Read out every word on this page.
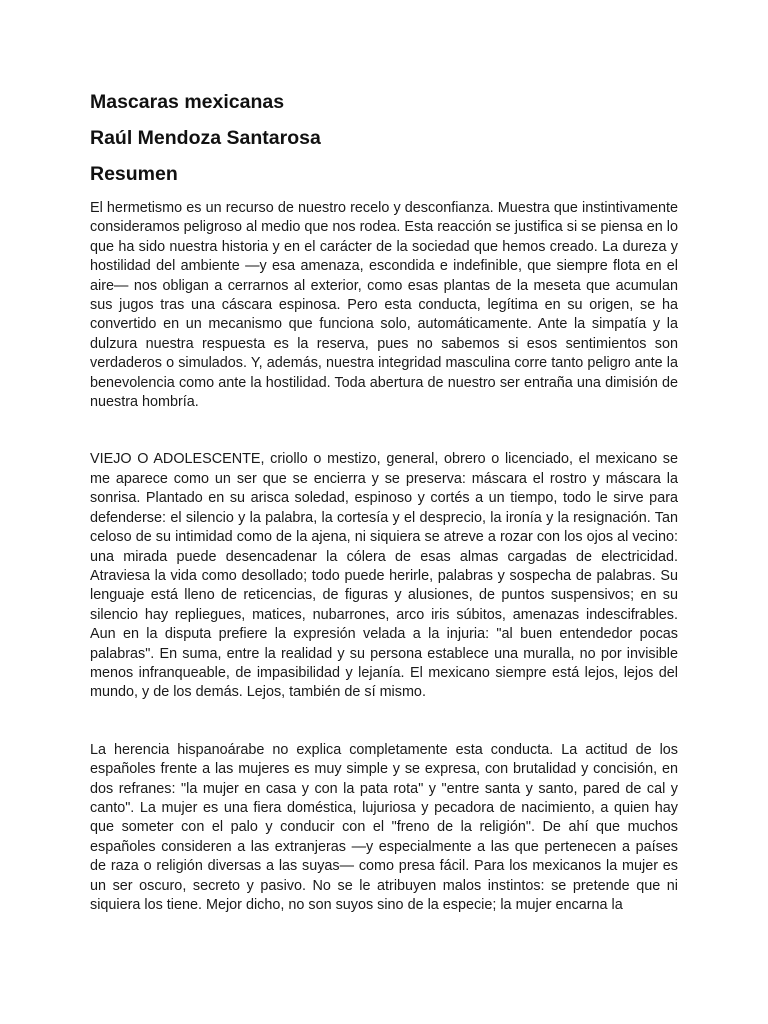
Mascaras mexicanas
Raúl Mendoza Santarosa
Resumen

El hermetismo es un recurso de nuestro recelo y desconfianza. Muestra que instintivamente consideramos peligroso al medio que nos rodea. Esta reacción se justifica si se piensa en lo que ha sido nuestra historia y en el carácter de la sociedad que hemos creado. La dureza y hostilidad del ambiente —y esa amenaza, escondida e indefinible, que siempre flota en el aire— nos obligan a cerrarnos al exterior, como esas plantas de la meseta que acumulan sus jugos tras una cáscara espinosa. Pero esta conducta, legítima en su origen, se ha convertido en un mecanismo que funciona solo, automáticamente. Ante la simpatía y la dulzura nuestra respuesta es la reserva, pues no sabemos si esos sentimientos son verdaderos o simulados. Y, además, nuestra integridad masculina corre tanto peligro ante la benevolencia como ante la hostilidad. Toda abertura de nuestro ser entraña una dimisión de nuestra hombría.

VIEJO O ADOLESCENTE, criollo o mestizo, general, obrero o licenciado, el mexicano se me aparece como un ser que se encierra y se preserva: máscara el rostro y máscara la sonrisa. Plantado en su arisca soledad, espinoso y cortés a un tiempo, todo le sirve para defenderse: el silencio y la palabra, la cortesía y el desprecio, la ironía y la resignación. Tan celoso de su intimidad como de la ajena, ni siquiera se atreve a rozar con los ojos al vecino: una mirada puede desencadenar la cólera de esas almas cargadas de electricidad. Atraviesa la vida como desollado; todo puede herirle, palabras y sospecha de palabras. Su lenguaje está lleno de reticencias, de figuras y alusiones, de puntos suspensivos; en su silencio hay repliegues, matices, nubarrones, arco iris súbitos, amenazas indescifrables. Aun en la disputa prefiere la expresión velada a la injuria: "al buen entendedor pocas palabras". En suma, entre la realidad y su persona establece una muralla, no por invisible menos infranqueable, de impasibilidad y lejanía. El mexicano siempre está lejos, lejos del mundo, y de los demás. Lejos, también de sí mismo.

La herencia hispanoárabe no explica completamente esta conducta. La actitud de los españoles frente a las mujeres es muy simple y se expresa, con brutalidad y concisión, en dos refranes: "la mujer en casa y con la pata rota" y "entre santa y santo, pared de cal y canto". La mujer es una fiera doméstica, lujuriosa y pecadora de nacimiento, a quien hay que someter con el palo y conducir con el "freno de la religión". De ahí que muchos españoles consideren a las extranjeras —y especialmente a las que pertenecen a países de raza o religión diversas a las suyas— como presa fácil. Para los mexicanos la mujer es un ser oscuro, secreto y pasivo. No se le atribuyen malos instintos: se pretende que ni siquiera los tiene. Mejor dicho, no son suyos sino de la especie; la mujer encarna la
